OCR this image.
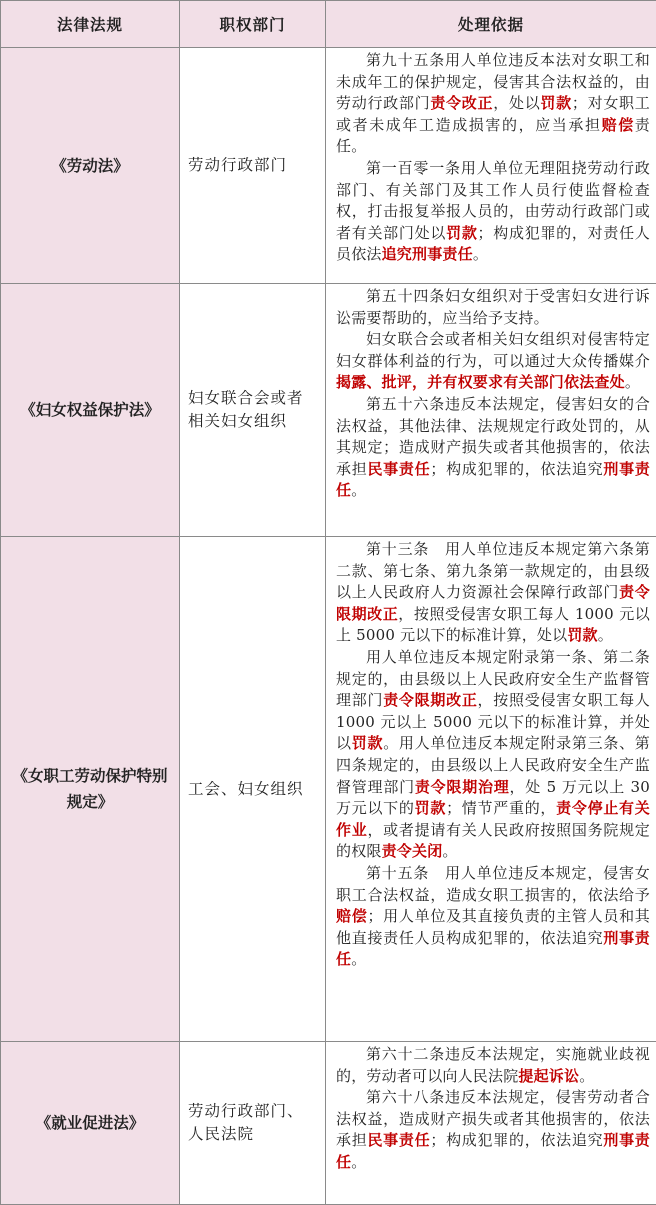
法律法规	职权部门	处理依据
《劳动法》	劳动行政部门	第九十五条用人单位违反本法对女职工和未成年工的保护规定，侵害其合法权益的，由劳动行政部门责令改正，处以罚款；对女职工或者未成年工造成损害的，应当承担赔偿责任。

第一百零一条用人单位无理阻挠劳动行政部门、有关部门及其工作人员行使监督检查权，打击报复举报人员的，由劳动行政部门或者有关部门处以罚款；构成犯罪的，对责任人员依法追究刑事责任。

《妇女权益保护法》	妇女联合会或者相关妇女组织	第五十四条妇女组织对于受害妇女进行诉讼需要帮助的，应当给予支持。

妇女联合会或者相关妇女组织对侵害特定妇女群体利益的行为，可以通过大众传播媒介揭露、批评，并有权要求有关部门依法查处。

第五十六条违反本法规定，侵害妇女的合法权益，其他法律、法规规定行政处罚的，从其规定；造成财产损失或者其他损害的，依法承担民事责任；构成犯罪的，依法追究刑事责任。

《女职工劳动保护特别规定》	工会、妇女组织	第十三条　用人单位违反本规定第六条第二款、第七条、第九条第一款规定的，由县级以上人民政府人力资源社会保障行政部门责令限期改正，按照受侵害女职工每人 1000 元以上 5000 元以下的标准计算，处以罚款。

用人单位违反本规定附录第一条、第二条规定的，由县级以上人民政府安全生产监督管理部门责令限期改正，按照受侵害女职工每人 1000 元以上 5000 元以下的标准计算，并处以罚款。用人单位违反本规定附录第三条、第四条规定的，由县级以上人民政府安全生产监督管理部门责令限期治理，处 5 万元以上 30 万元以下的罚款；情节严重的，责令停止有关作业，或者提请有关人民政府按照国务院规定的权限责令关闭。

第十五条　用人单位违反本规定，侵害女职工合法权益，造成女职工损害的，依法给予赔偿；用人单位及其直接负责的主管人员和其他直接责任人员构成犯罪的，依法追究刑事责任。

《就业促进法》	劳动行政部门、人民法院	第六十二条违反本法规定，实施就业歧视的，劳动者可以向人民法院提起诉讼。

第六十八条违反本法规定，侵害劳动者合法权益，造成财产损失或者其他损害的，依法承担民事责任；构成犯罪的，依法追究刑事责任。
